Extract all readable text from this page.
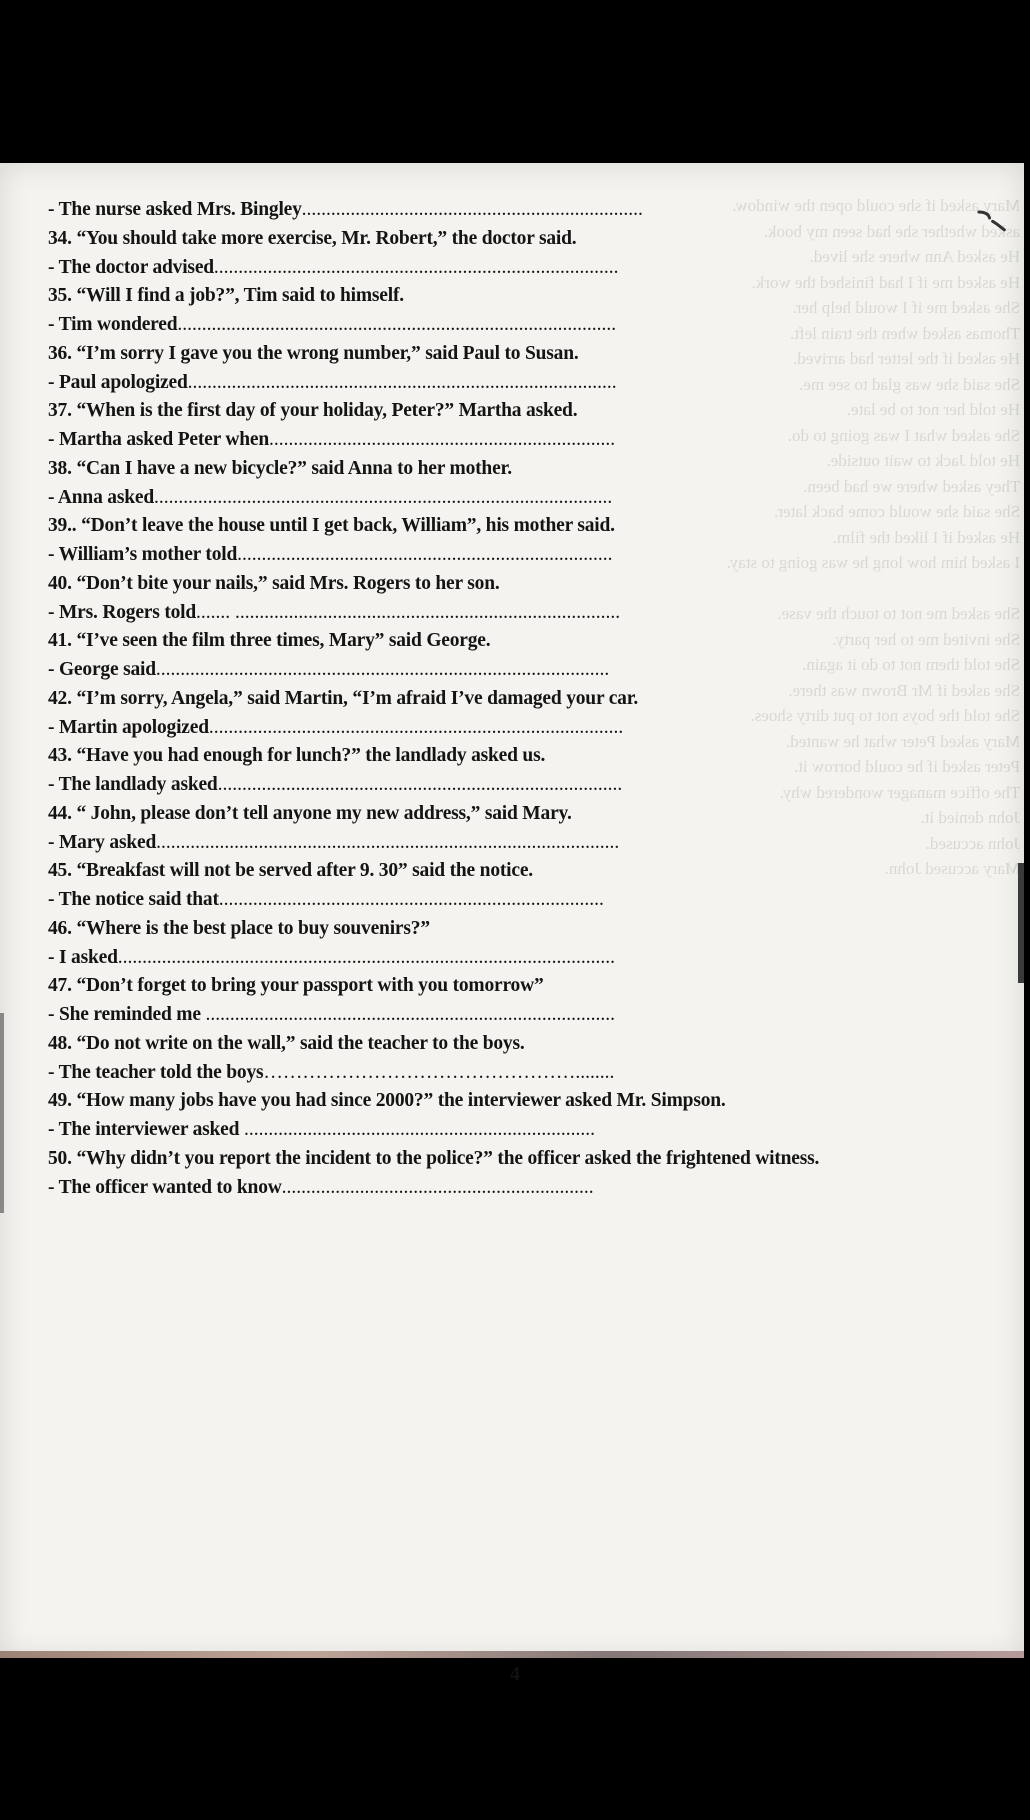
- Mary asked if she could open the window.
I asked whether she had seen my book.
- He asked Ann where she lived.
- He asked me if I had finished the work.
- She asked me if I would help her.
- Thomas asked when the train left.
- He asked if the letter had arrived.
- She said she was glad to see me.
- He told her not to be late.
- She asked what I was going to do.
- He told Jack to wait outside.
- They asked where we had been.
- She said she would come back later.
- He asked if I liked the film.
- I asked him how long he was going to stay.
- She asked me not to touch the vase.
- She invited me to her party.
- She told them not to do it again.
- She asked if Mr Brown was there.
- She told the boys not to put dirty shoes.
- Mary asked Peter what he wanted.
- Peter asked if he could borrow it.
- The office manager wondered why.
- John denied it.
- John accused.
- Mary accused John.
- The nurse asked Mrs. Bingley......................................................................
34. “You should take more exercise, Mr. Robert,” the doctor said.
- The doctor advised...................................................................................
35. “Will I find a job?”, Tim said to himself.
- Tim wondered..........................................................................................
36. “I’m sorry I gave you the wrong number,” said Paul to Susan.
- Paul apologized........................................................................................
37. “When is the first day of your holiday, Peter?” Martha asked.
- Martha asked Peter when.......................................................................
38. “Can I have a new bicycle?” said Anna to her mother.
- Anna asked..............................................................................................
39.. “Don’t leave the house until I get back, William”, his mother said.
- William’s mother told.............................................................................
40. “Don’t bite your nails,” said Mrs. Rogers to her son.
- Mrs. Rogers told....... ...............................................................................
41. “I’ve seen the film three times, Mary” said George.
- George said.............................................................................................
42. “I’m sorry, Angela,” said Martin, “I’m afraid I’ve damaged your car.
- Martin apologized.....................................................................................
43. “Have you had enough for lunch?” the landlady asked us.
- The landlady asked...................................................................................
44. “ John, please don’t tell anyone my new address,” said Mary.
- Mary asked...............................................................................................
45. “Breakfast will not be served after 9. 30” said the notice.
- The notice said that...............................................................................
46. “Where is the best place to buy souvenirs?”
- I asked......................................................................................................
47. “Don’t forget to bring your passport with you tomorrow”
- She reminded me ....................................................................................
48. “Do not write on the wall,” said the teacher to the boys.
- The teacher told the boys…………………………………………........
49. “How many jobs have you had since 2000?” the interviewer asked Mr. Simpson.
- The interviewer asked ........................................................................
50. “Why didn’t you report the incident to the police?” the officer asked the frightened witness.
- The officer wanted to know................................................................
4
